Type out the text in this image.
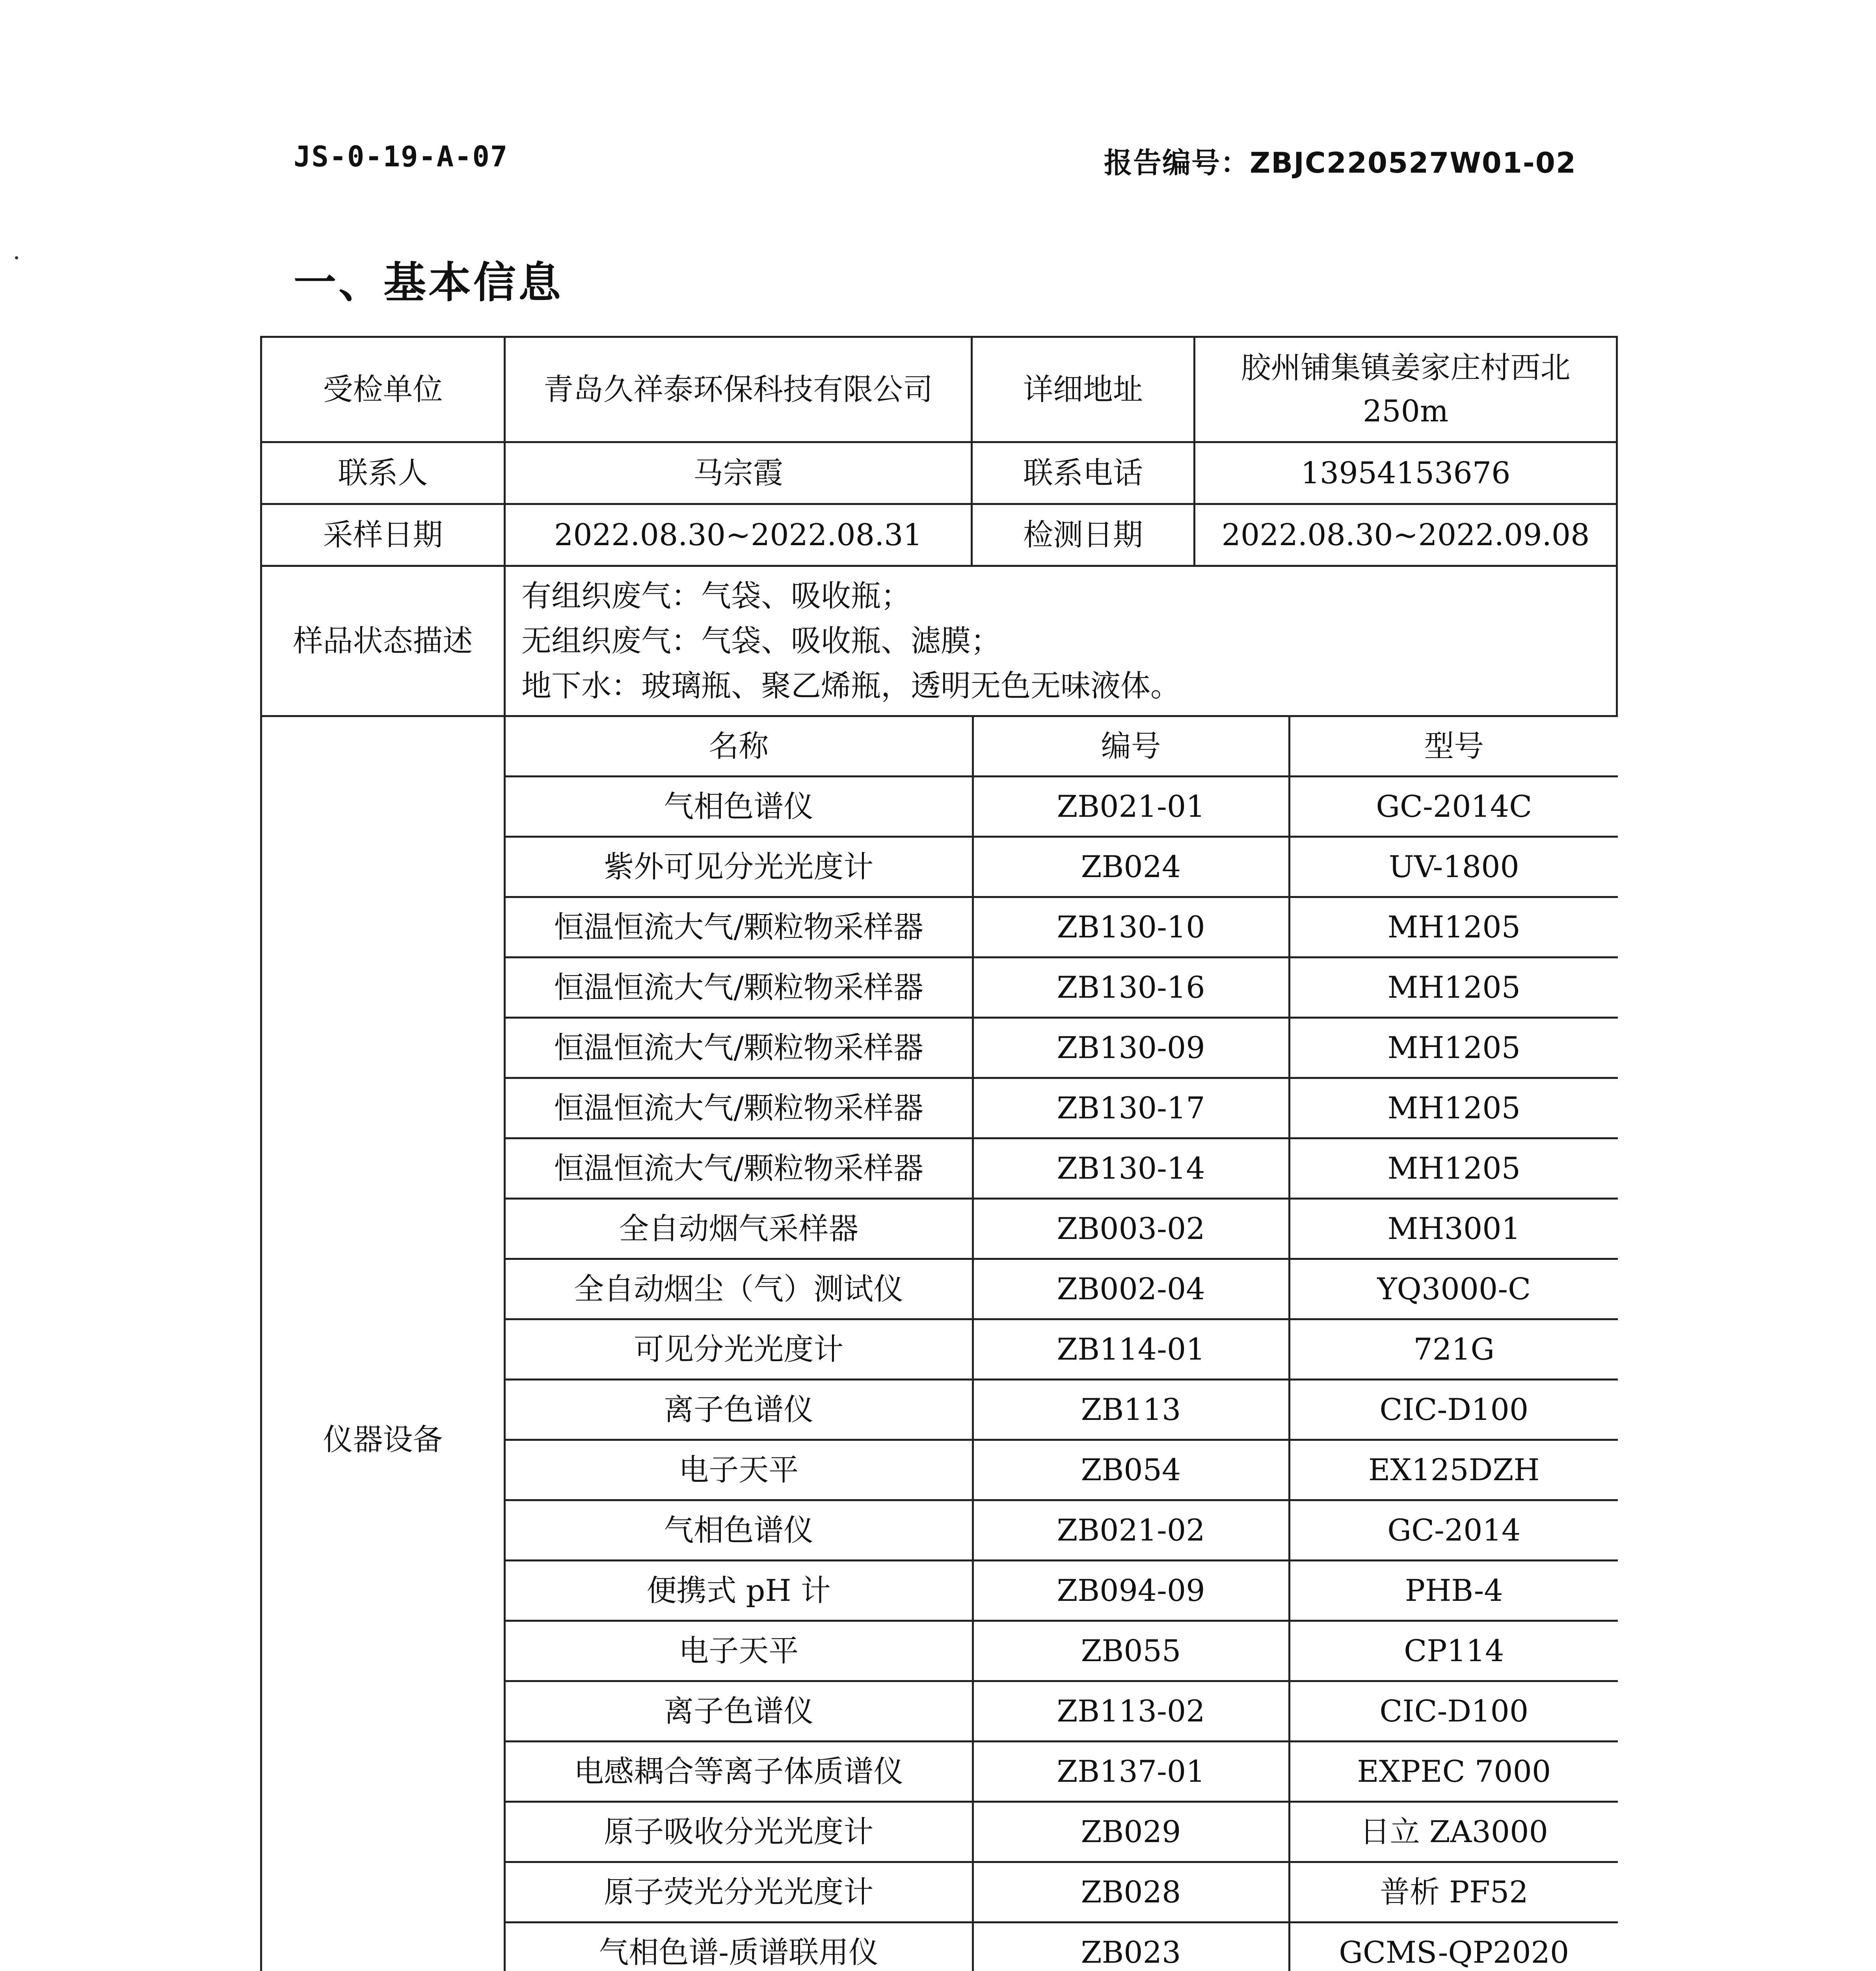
JS-0-19-A-07	报告编号：ZBJC220527W01-02
一、基本信息
受检单位	青岛久祥泰环保科技有限公司	详细地址	胶州铺集镇姜家庄村西北 250m
联系人	马宗霞	联系电话	13954153676
采样日期	2022.08.30~2022.08.31	检测日期	2022.08.30~2022.09.08
样品状态描述	
有组织废气：气袋、吸收瓶；
无组织废气：气袋、吸收瓶、滤膜；
地下水：玻璃瓶、聚乙烯瓶，透明无色无味液体。

仪器设备	
名称	编号	型号
气相色谱仪	ZB021-01	GC-2014C
紫外可见分光光度计	ZB024	UV-1800
恒温恒流大气/颗粒物采样器	ZB130-10	MH1205
恒温恒流大气/颗粒物采样器	ZB130-16	MH1205
恒温恒流大气/颗粒物采样器	ZB130-09	MH1205
恒温恒流大气/颗粒物采样器	ZB130-17	MH1205
恒温恒流大气/颗粒物采样器	ZB130-14	MH1205
全自动烟气采样器	ZB003-02	MH3001
全自动烟尘（气）测试仪	ZB002-04	YQ3000-C
可见分光光度计	ZB114-01	721G
离子色谱仪	ZB113	CIC-D100
电子天平	ZB054	EX125DZH
气相色谱仪	ZB021-02	GC-2014
便携式 pH 计	ZB094-09	PHB-4
电子天平	ZB055	CP114
离子色谱仪	ZB113-02	CIC-D100
电感耦合等离子体质谱仪	ZB137-01	EXPEC 7000
原子吸收分光光度计	ZB029	日立 ZA3000
原子荧光分光光度计	ZB028	普析 PF52
气相色谱-质谱联用仪	ZB023	GCMS-QP2020
